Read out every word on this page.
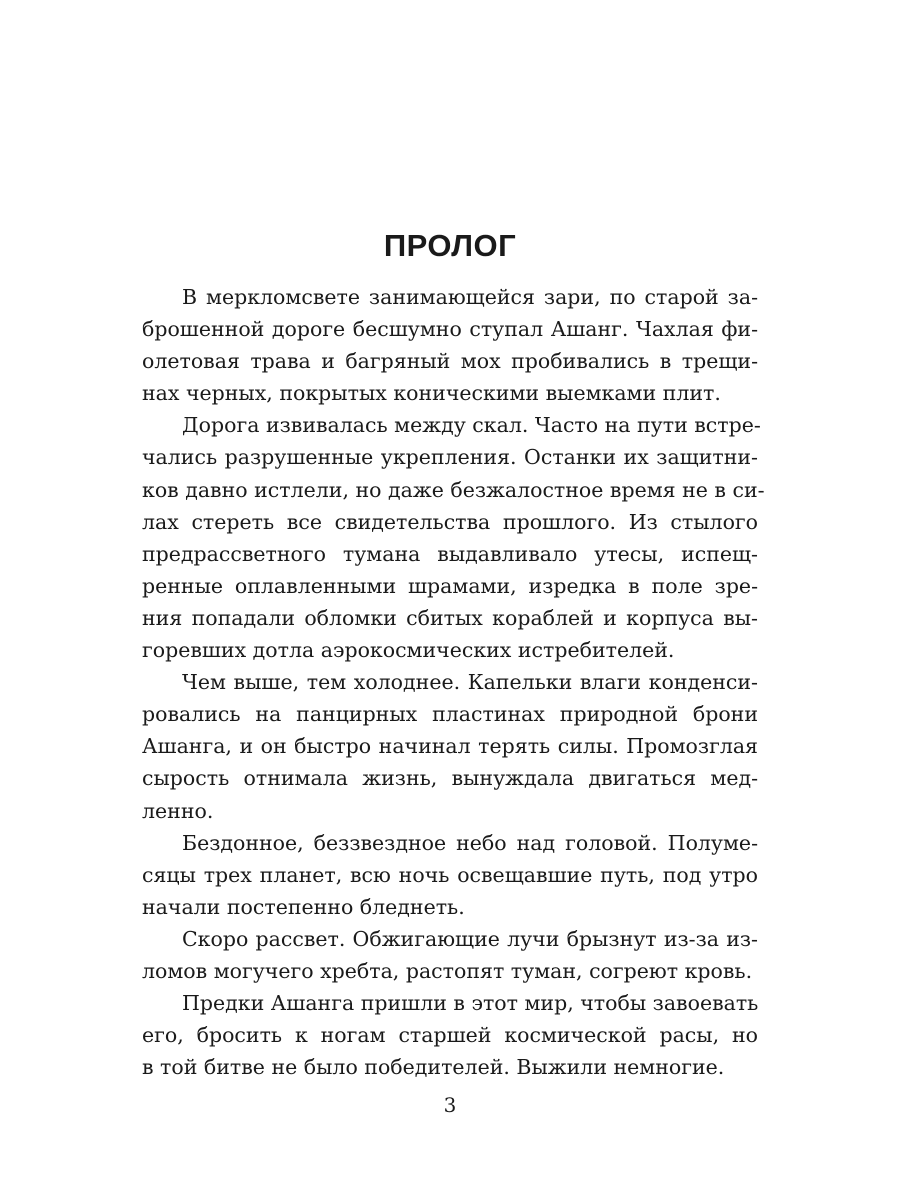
ПРОЛОГ
В меркломсвете занимающейся зари, по старой за-
брошенной дороге бесшумно ступал Ашанг. Чахлая фи-
олетовая трава и багряный мох пробивались в трещи-
нах черных, покрытых коническими выемками плит.
Дорога извивалась между скал. Часто на пути встре-
чались разрушенные укрепления. Останки их защитни-
ков давно истлели, но даже безжалостное время не в си-
лах стереть все свидетельства прошлого. Из стылого
предрассветного тумана выдавливало утесы, испещ-
ренные оплавленными шрамами, изредка в поле зре-
ния попадали обломки сбитых кораблей и корпуса вы-
горевших дотла аэрокосмических истребителей.
Чем выше, тем холоднее. Капельки влаги конденси-
ровались на панцирных пластинах природной брони
Ашанга, и он быстро начинал терять силы. Промозглая
сырость отнимала жизнь, вынуждала двигаться мед-
ленно.
Бездонное, беззвездное небо над головой. Полуме-
сяцы трех планет, всю ночь освещавшие путь, под утро
начали постепенно бледнеть.
Скоро рассвет. Обжигающие лучи брызнут из-за из-
ломов могучего хребта, растопят туман, согреют кровь.
Предки Ашанга пришли в этот мир, чтобы завоевать
его, бросить к ногам старшей космической расы, но
в той битве не было победителей. Выжили немногие.
3
